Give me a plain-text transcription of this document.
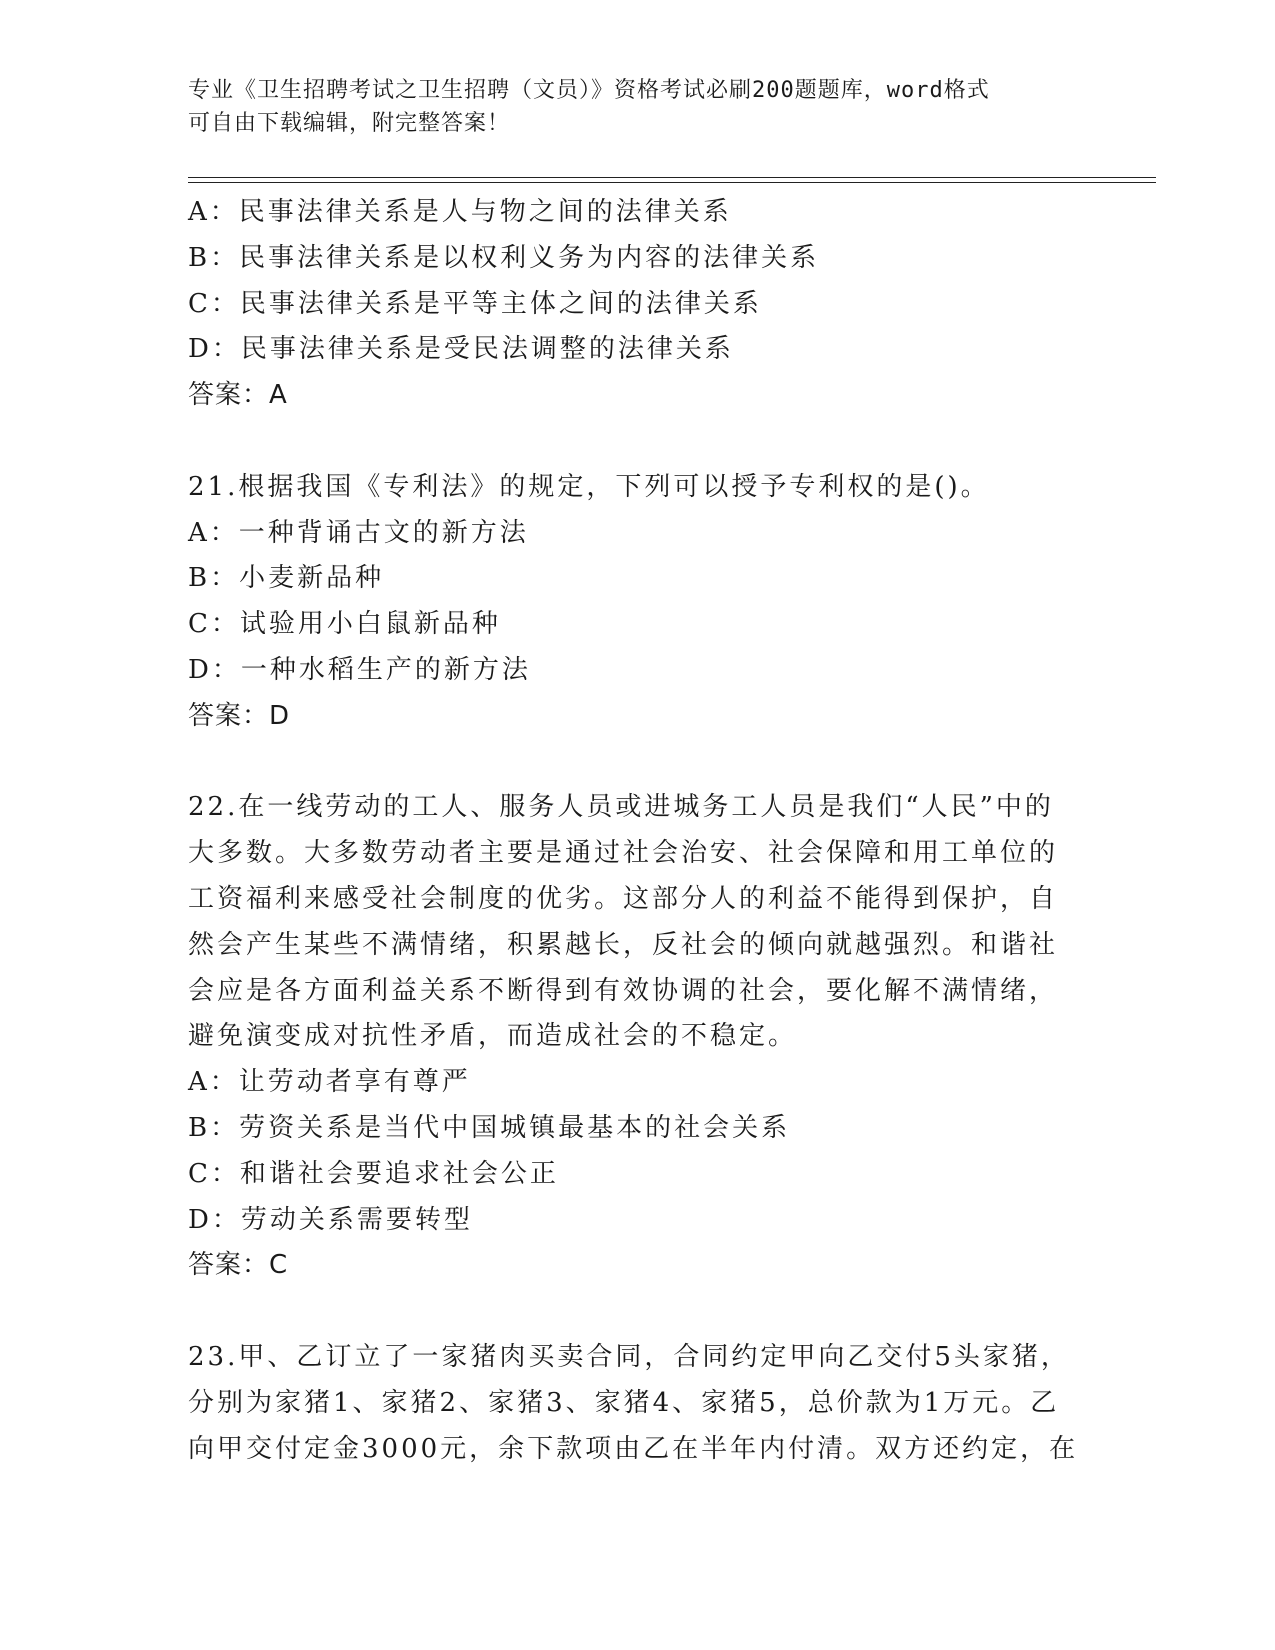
专业《卫生招聘考试之卫生招聘（文员）》资格考试必刷200题题库，word格式
可自由下载编辑，附完整答案！
A：民事法律关系是人与物之间的法律关系
B：民事法律关系是以权利义务为内容的法律关系
C：民事法律关系是平等主体之间的法律关系
D：民事法律关系是受民法调整的法律关系
答案：A
21.根据我国《专利法》的规定，下列可以授予专利权的是()。
A：一种背诵古文的新方法
B：小麦新品种
C：试验用小白鼠新品种
D：一种水稻生产的新方法
答案：D
22.在一线劳动的工人、服务人员或进城务工人员是我们“人民”中的
大多数。大多数劳动者主要是通过社会治安、社会保障和用工单位的
工资福利来感受社会制度的优劣。这部分人的利益不能得到保护，自
然会产生某些不满情绪，积累越长，反社会的倾向就越强烈。和谐社
会应是各方面利益关系不断得到有效协调的社会，要化解不满情绪，
避免演变成对抗性矛盾，而造成社会的不稳定。
A：让劳动者享有尊严
B：劳资关系是当代中国城镇最基本的社会关系
C：和谐社会要追求社会公正
D：劳动关系需要转型
答案：C
23.甲、乙订立了一家猪肉买卖合同，合同约定甲向乙交付5头家猪，
分别为家猪1、家猪2、家猪3、家猪4、家猪5，总价款为1万元。乙
向甲交付定金3000元，余下款项由乙在半年内付清。双方还约定，在
